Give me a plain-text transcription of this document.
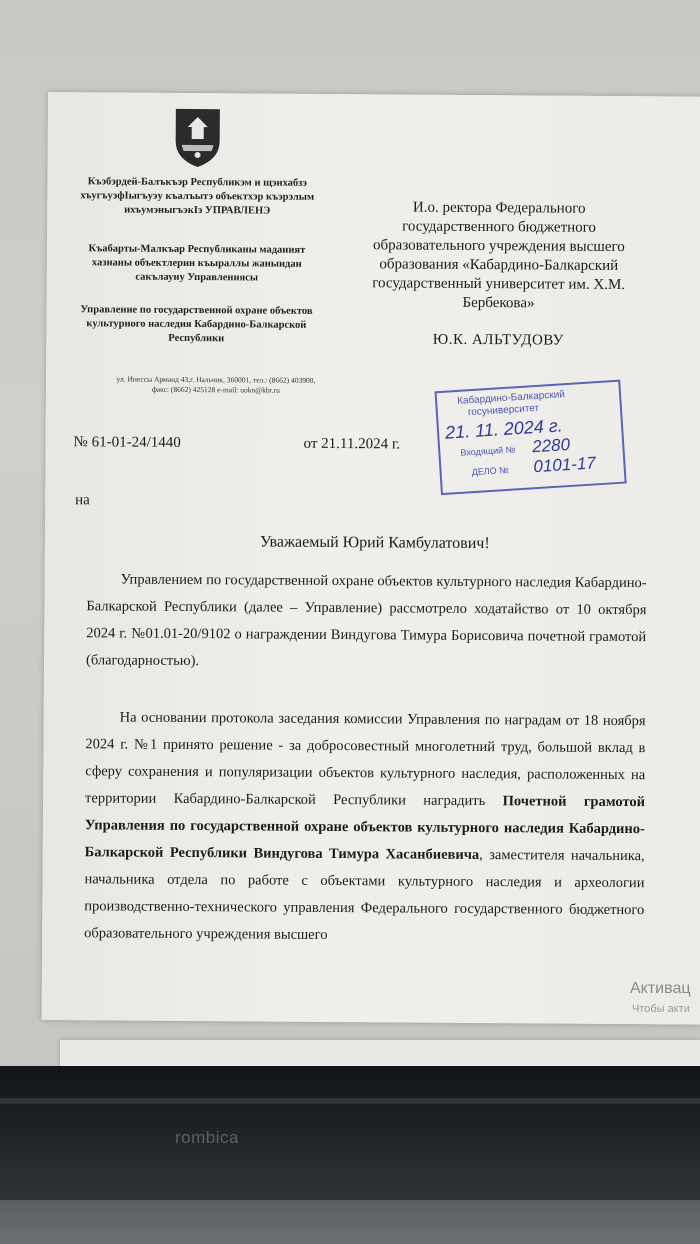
Къэбэрдей-Балъкъэр Республикэм и щэнхабзэ хъугъуэфІыгъуэу къалъытэ объектхэр къэрэлым ихъумэныгъэкІэ УПРАВЛЕНЭ
Къабарты-Малкъар Республиканы маданият хазнаны объектлерин къыраллы жанындан сакълауну Управлениясы
Управление по государственной охране объектов культурного наследия Кабардино-Балкарской Республики
ул. Инессы Арманд 43,г. Нальчик, 360001, тел.: (8662) 403900, факс: (8662) 425128 e-mail: uokn@kbr.ru
И.о. ректора Федерального государственного бюджетного образовательного учреждения высшего образования «Кабардино-Балкарский государственный университет им. Х.М. Бербекова»
Ю.К. АЛЬТУДОВУ
Кабардино-Балкарский
госуниверситет
21. 11. 2024 г.
Входящий № 2280
ДЕЛО № 0101-17
№ 61-01-24/1440	от 21.11.2024 г.
на
Уважаемый Юрий Камбулатович!
Управлением по государственной охране объектов культурного наследия Кабардино-Балкарской Республики (далее – Управление) рассмотрело ходатайство от 10 октября 2024 г. №01.01-20/9102 о награждении Виндугова Тимура Борисовича почетной грамотой (благодарностью).
На основании протокола заседания комиссии Управления по наградам от 18 ноября 2024 г. №1 принято решение - за добросовестный многолетний труд, большой вклад в сферу сохранения и популяризации объектов культурного наследия, расположенных на территории Кабардино-Балкарской Республики наградить Почетной грамотой Управления по государственной охране объектов культурного наследия Кабардино-Балкарской Республики Виндугова Тимура Хасанбиевича, заместителя начальника, начальника отдела по работе с объектами культурного наследия и археологии производственно-технического управления Федерального государственного бюджетного образовательного учреждения высшего
Активац
Чтобы акти
rombica
